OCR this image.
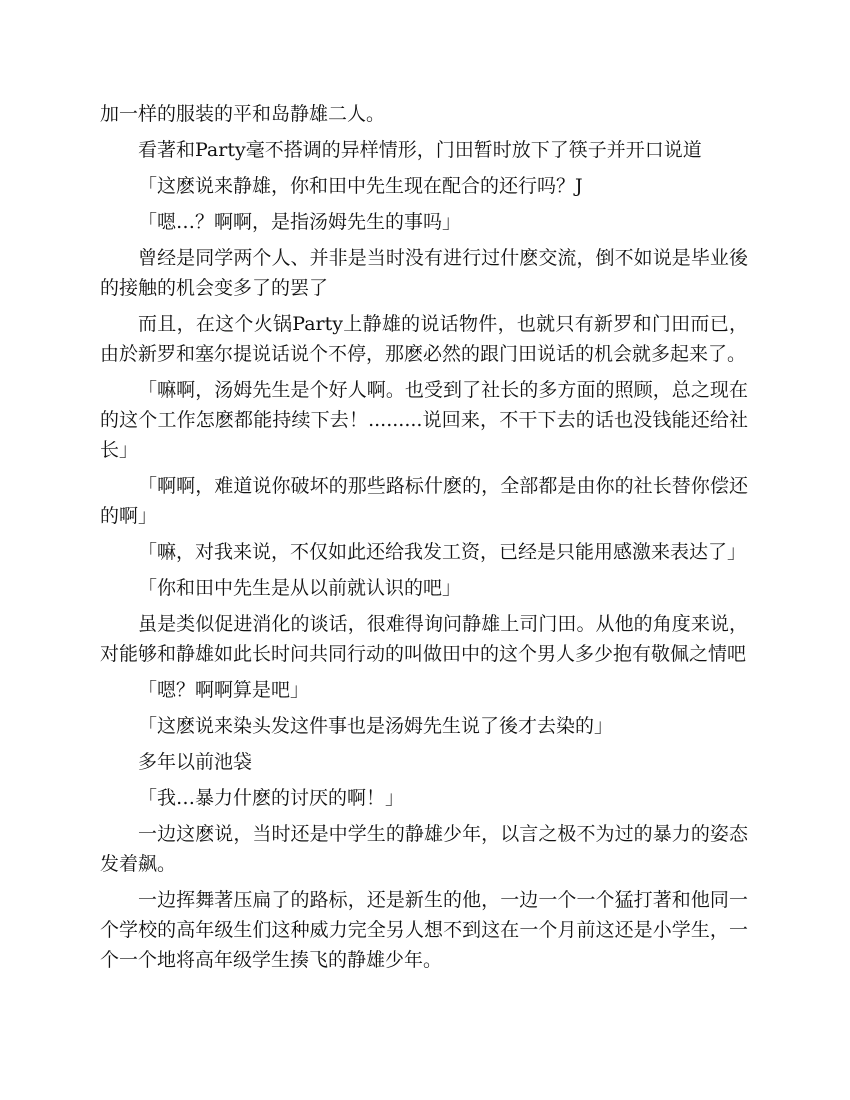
加一样的服装的平和岛静雄二人。

看著和Party毫不搭调的异样情形，门田暂时放下了筷子并开口说道

「这麽说来静雄，你和田中先生现在配合的还行吗？J

「嗯…？啊啊，是指汤姆先生的事吗」

曾经是同学两个人、并非是当时没有进行过什麽交流，倒不如说是毕业後的接触的机会变多了的罢了

而且，在这个火锅Party上静雄的说话物件，也就只有新罗和门田而已，由於新罗和塞尔提说话说个不停，那麽必然的跟门田说话的机会就多起来了。

「嘛啊，汤姆先生是个好人啊。也受到了社长的多方面的照顾，总之现在的这个工作怎麽都能持续下去！.........说回来，不干下去的话也没钱能还给社长」

「啊啊，难道说你破坏的那些路标什麽的，全部都是由你的社长替你偿还的啊」

「嘛，对我来说，不仅如此还给我发工资，已经是只能用感激来表达了」

「你和田中先生是从以前就认识的吧」

虽是类似促进消化的谈话，很难得询问静雄上司门田。从他的角度来说，对能够和静雄如此长时问共同行动的叫做田中的这个男人多少抱有敬佩之情吧

「嗯？啊啊算是吧」

「这麽说来染头发这件事也是汤姆先生说了後才去染的」

多年以前池袋

「我…暴力什麽的讨厌的啊！」

一边这麽说，当时还是中学生的静雄少年，以言之极不为过的暴力的姿态发着飙。

一边挥舞著压扁了的路标，还是新生的他，一边一个一个猛打著和他同一个学校的高年级生们这种威力完全另人想不到这在一个月前这还是小学生，一个一个地将高年级学生揍飞的静雄少年。
